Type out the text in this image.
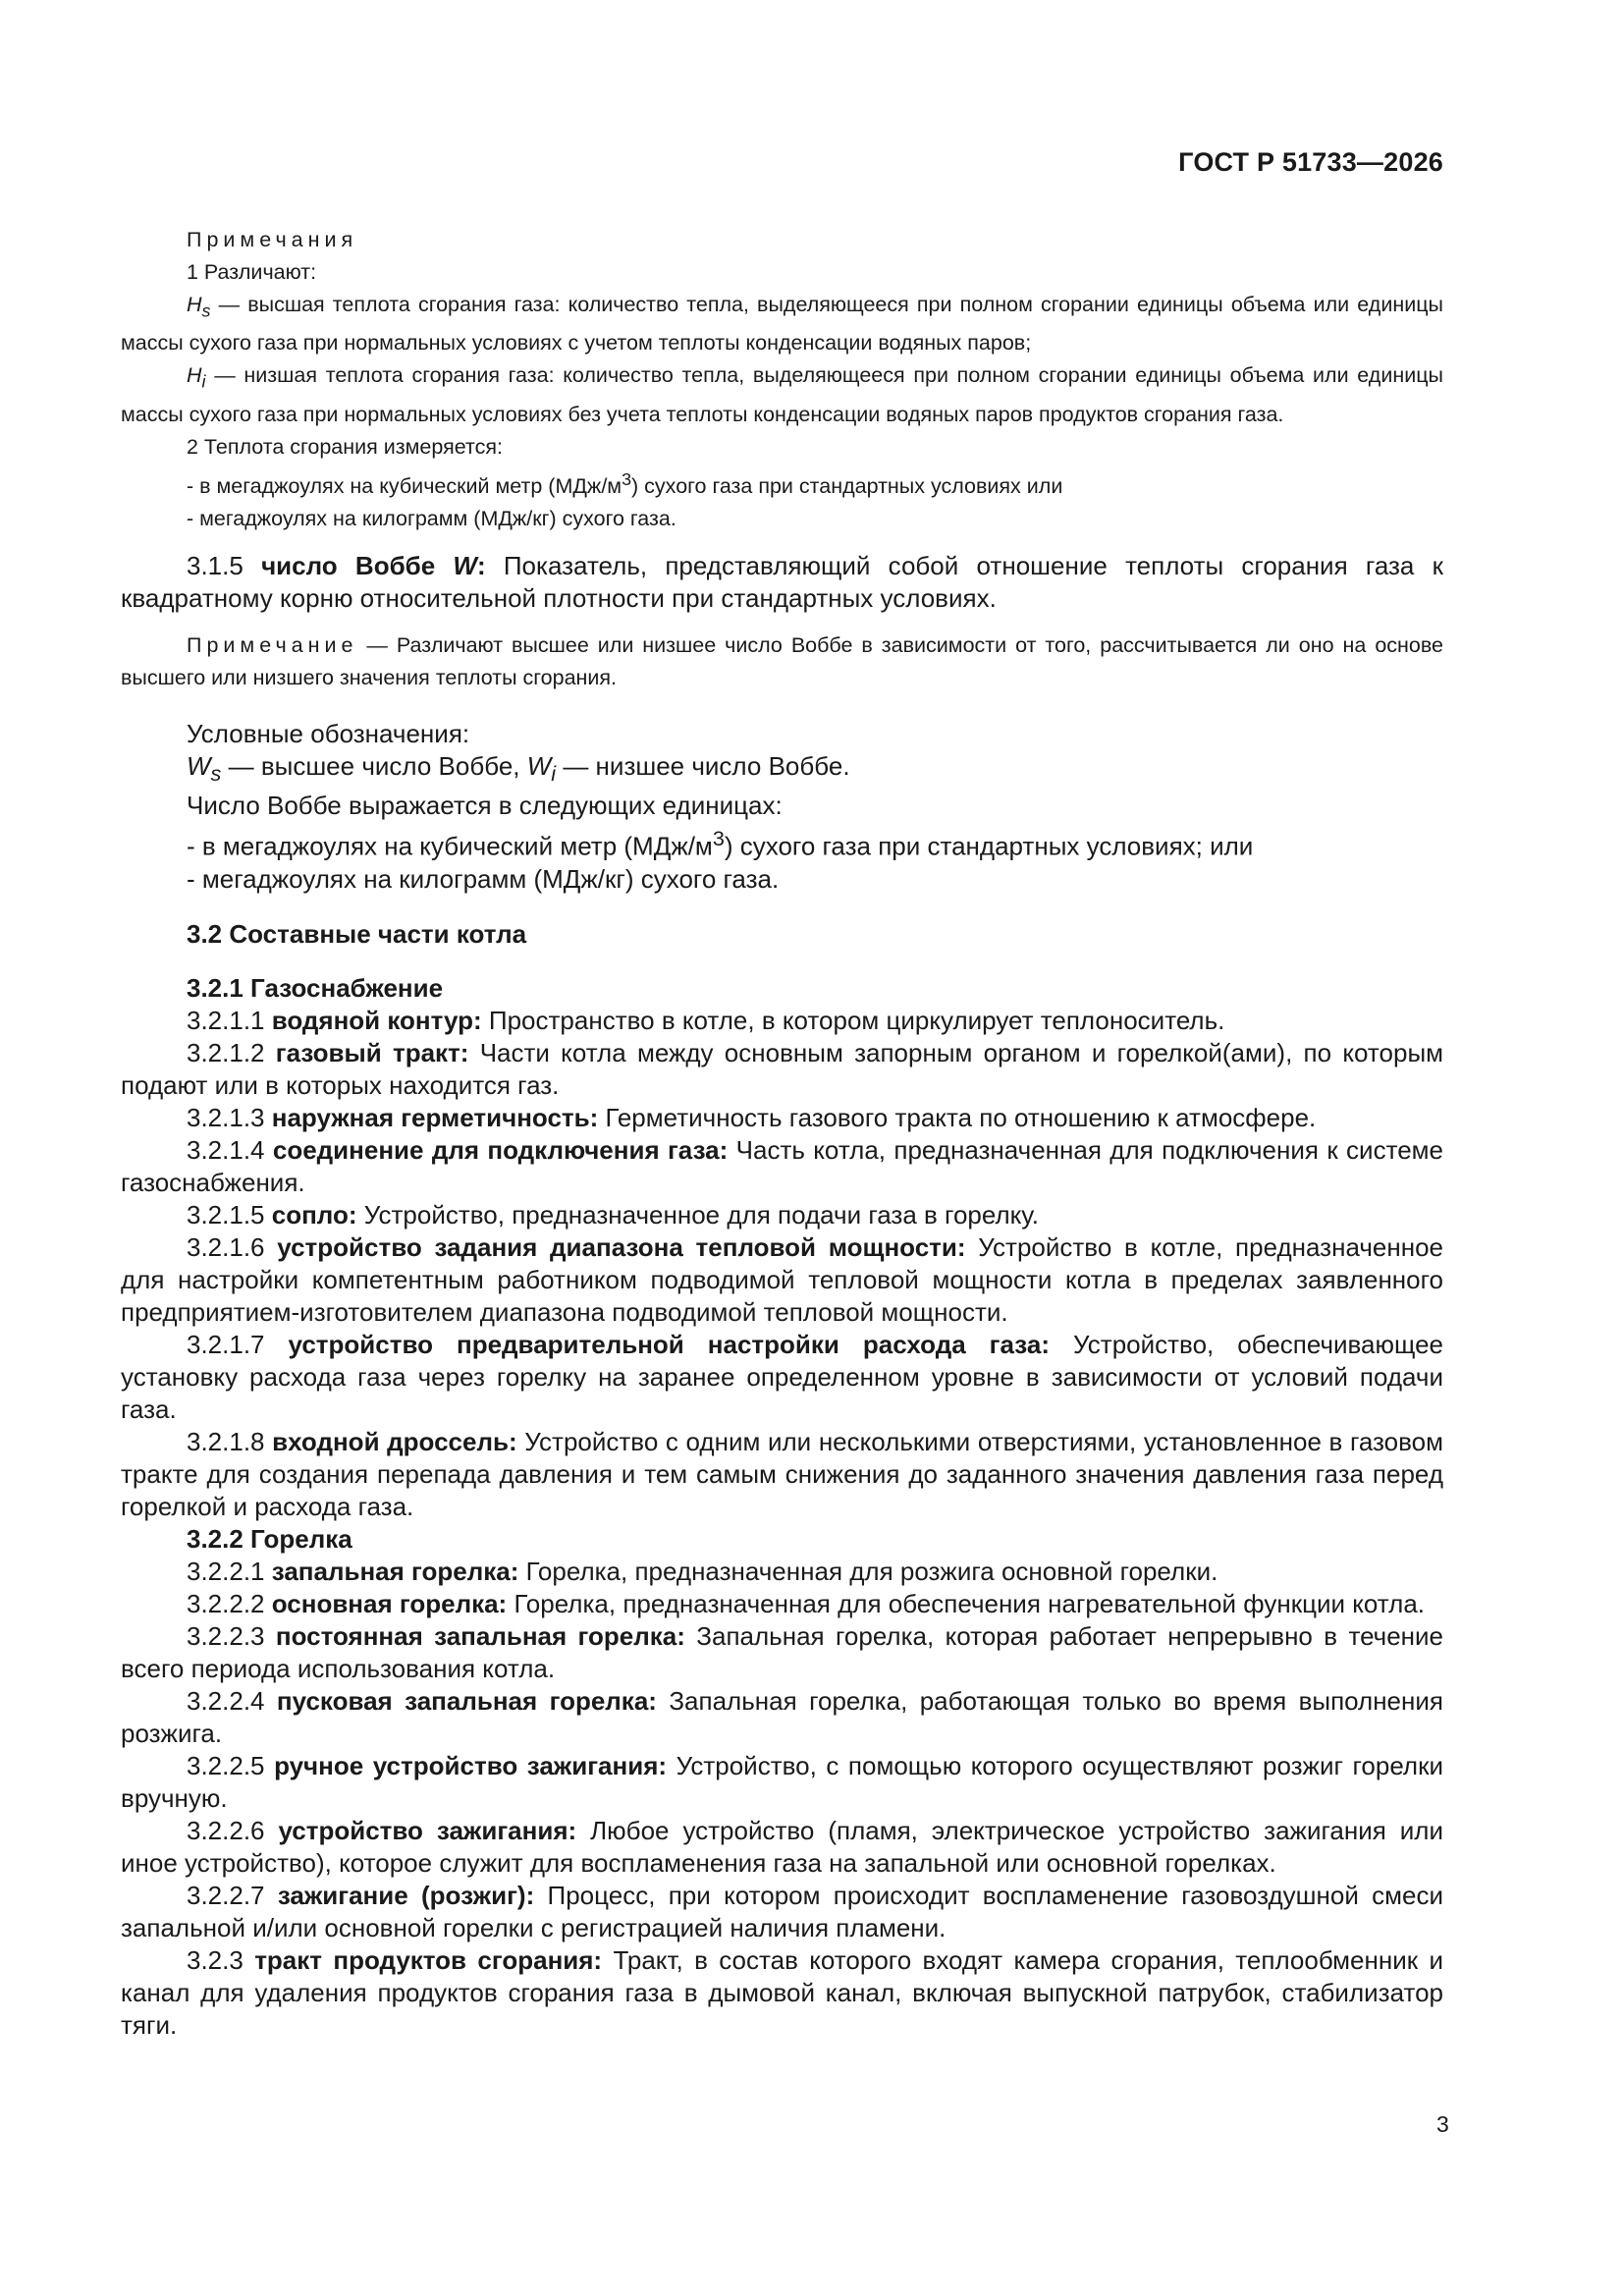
ГОСТ Р 51733—2026

Примечания

1 Различают:

$H_s$ — высшая теплота сгорания газа: количество тепла, выделяющееся при полном сгорании единицы объема или единицы массы сухого газа при нормальных условиях с учетом теплоты конденсации водяных паров;

$H_i$ — низшая теплота сгорания газа: количество тепла, выделяющееся при полном сгорании единицы объема или единицы массы сухого газа при нормальных условиях без учета теплоты конденсации водяных паров продуктов сгорания газа.

2 Теплота сгорания измеряется:

- в мегаджоулях на кубический метр $(МДж/м^3)$ сухого газа при стандартных условиях или

- мегаджоулях на килограмм (МДж/кг) сухого газа.

3.1.5 число Воббе W: Показатель, представляющий собой отношение теплоты сгорания газа к квадратному корню относительной плотности при стандартных условиях.

Примечание — Различают высшее или низшее число Воббе в зависимости от того, рассчитывается ли оно на основе высшего или низшего значения теплоты сгорания.

Условные обозначения:

$W_s$ — высшее число Воббе, $W_i$ — низшее число Воббе.

Число Воббе выражается в следующих единицах:

- в мегаджоулях на кубический метр $(МДж/м^3)$ сухого газа при стандартных условиях; или

- мегаджоулях на килограмм (МДж/кг) сухого газа.

3.2 Составные части котла

3.2.1 Газоснабжение

3.2.1.1 водяной контур: Пространство в котле, в котором циркулирует теплоноситель.

3.2.1.2 газовый тракт: Части котла между основным запорным органом и горелкой(ами), по которым подают или в которых находится газ.

3.2.1.3 наружная герметичность: Герметичность газового тракта по отношению к атмосфере.

3.2.1.4 соединение для подключения газа: Часть котла, предназначенная для подключения к системе газоснабжения.

3.2.1.5 сопло: Устройство, предназначенное для подачи газа в горелку.

3.2.1.6 устройство задания диапазона тепловой мощности: Устройство в котле, предназначенное для настройки компетентным работником подводимой тепловой мощности котла в пределах заявленного предприятием-изготовителем диапазона подводимой тепловой мощности.

3.2.1.7 устройство предварительной настройки расхода газа: Устройство, обеспечивающее установку расхода газа через горелку на заранее определенном уровне в зависимости от условий подачи газа.

3.2.1.8 входной дроссель: Устройство с одним или несколькими отверстиями, установленное в газовом тракте для создания перепада давления и тем самым снижения до заданного значения давления газа перед горелкой и расхода газа.

3.2.2 Горелка

3.2.2.1 запальная горелка: Горелка, предназначенная для розжига основной горелки.

3.2.2.2 основная горелка: Горелка, предназначенная для обеспечения нагревательной функции котла.

3.2.2.3 постоянная запальная горелка: Запальная горелка, которая работает непрерывно в течение всего периода использования котла.

3.2.2.4 пусковая запальная горелка: Запальная горелка, работающая только во время выполнения розжига.

3.2.2.5 ручное устройство зажигания: Устройство, с помощью которого осуществляют розжиг горелки вручную.

3.2.2.6 устройство зажигания: Любое устройство (пламя, электрическое устройство зажигания или иное устройство), которое служит для воспламенения газа на запальной или основной горелках.

3.2.2.7 зажигание (розжиг): Процесс, при котором происходит воспламенение газовоздушной смеси запальной и/или основной горелки с регистрацией наличия пламени.

3.2.3 тракт продуктов сгорания: Тракт, в состав которого входят камера сгорания, теплообменник и канал для удаления продуктов сгорания газа в дымовой канал, включая выпускной патрубок, стабилизатор тяги.

3
